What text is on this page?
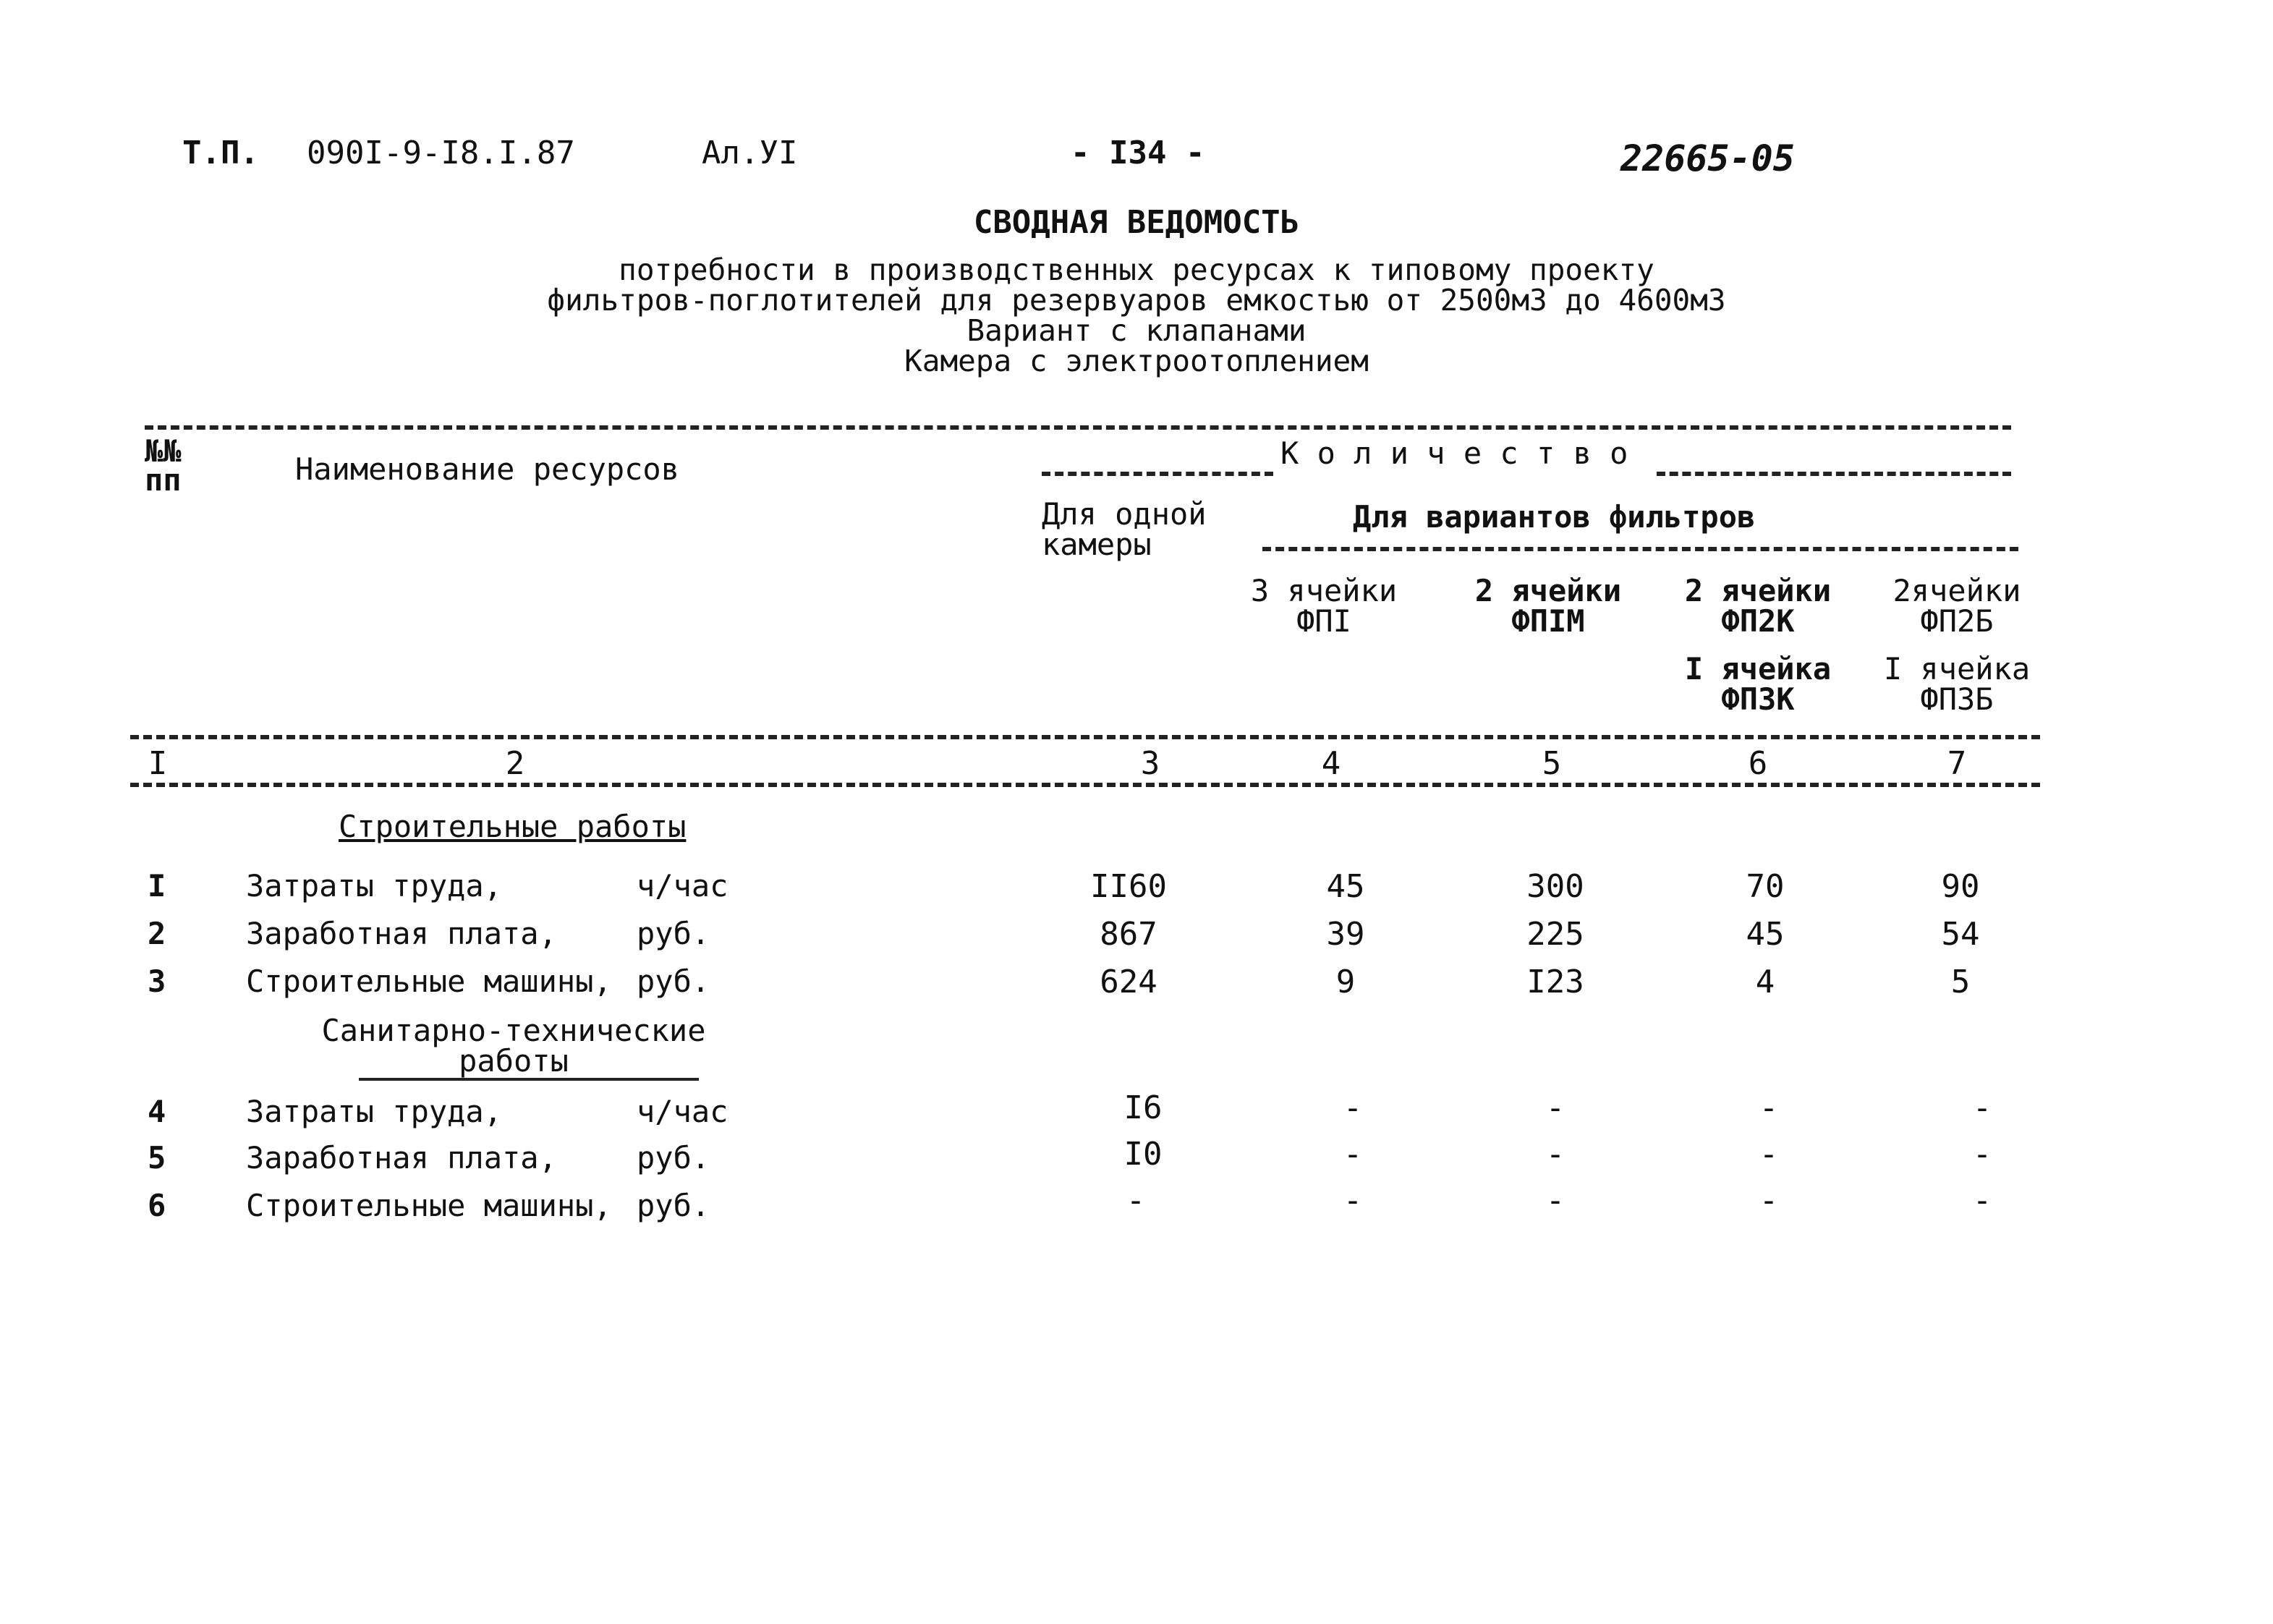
Т.П. 090I-9-I8.I.87	Ал.УI	- I34 -	22665-05
СВОДНАЯ ВЕДОМОСТЬ
потребности в производственных ресурсах к типовому проекту
фильтров-поглотителей для резервуаров емкостью от 2500м3 до 4600м3
Вариант с клапанами
Камера с электроотоплением
№№
пп	Наименование ресурсов	К о л и ч е с т в о
Для одной
камеры
Для вариантов фильтров
3 ячейки
ФПI
2 ячейки
ФПIМ
2 ячейки
ФП2К
2ячейки
ФП2Б
I ячейка
ФП3К
I ячейка
ФП3Б
I	2	3	4	5	6	7
Строительные работы
I	Затраты труда,	ч/час	II60	45	300	70	90
2	Заработная плата,	руб.	867	39	225	45	54
3	Строительные машины, руб.	624	9	I23	4	5
Санитарно-технические
работы
4	Затраты труда,	ч/час	I6	-	-	-	-
5	Заработная плата,	руб.	I0	-	-	-	-
6	Строительные машины, руб.	-	-	-	-	-
